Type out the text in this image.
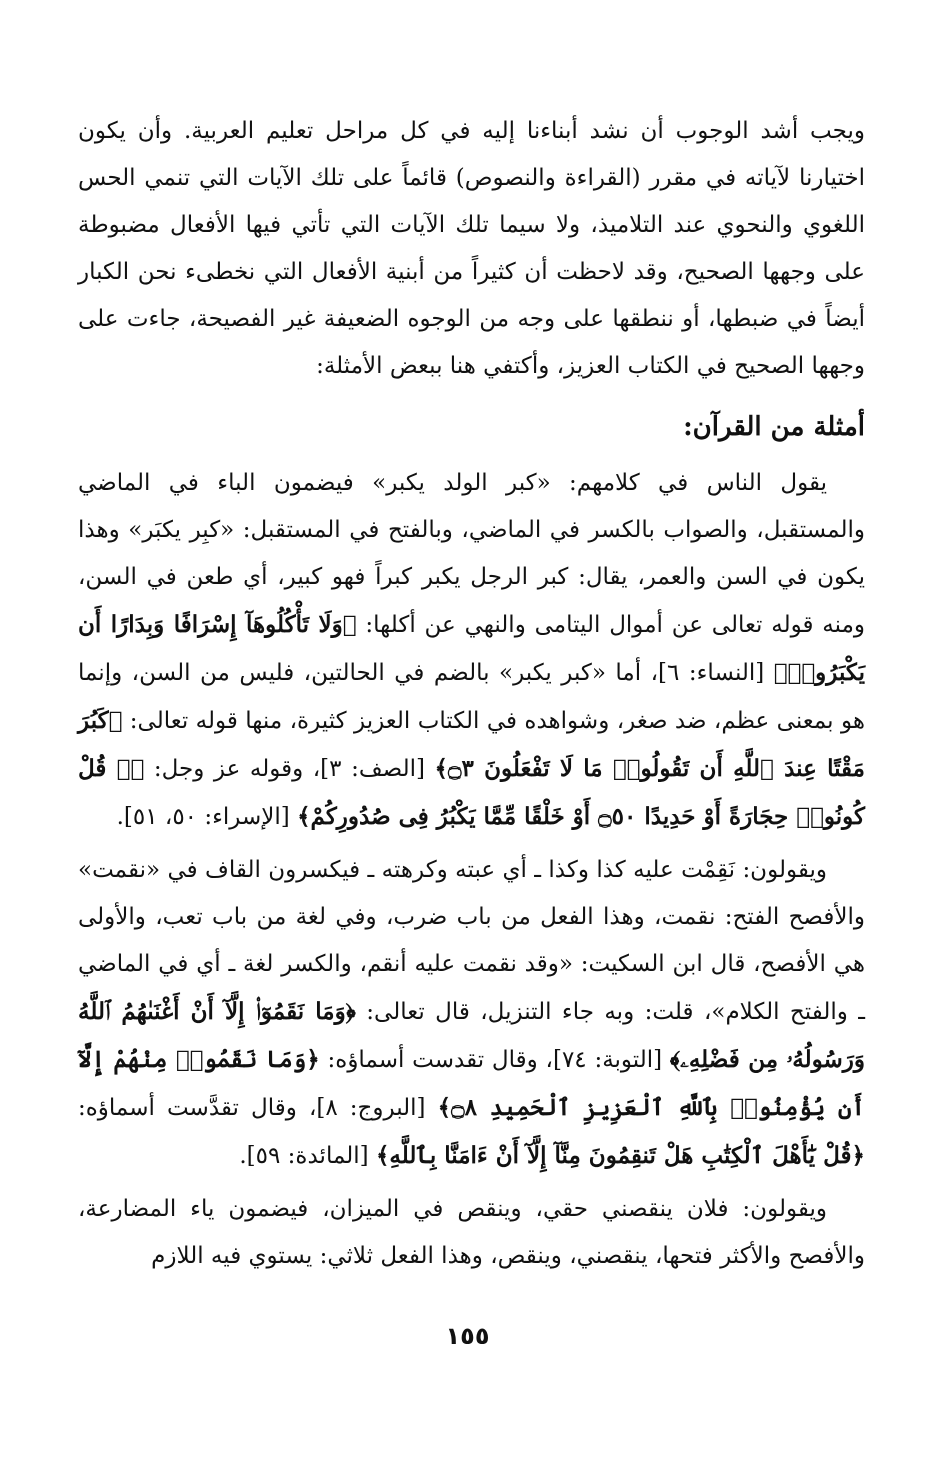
ويجب أشد الوجوب أن نشد أبناءنا إليه في كل مراحل تعليم العربية. وأن يكون اختيارنا لآياته في مقرر (القراءة والنصوص) قائماً على تلك الآيات التي تنمي الحس اللغوي والنحوي عند التلاميذ، ولا سيما تلك الآيات التي تأتي فيها الأفعال مضبوطة على وجهها الصحيح، وقد لاحظت أن كثيراً من أبنية الأفعال التي نخطىء نحن الكبار أيضاً في ضبطها، أو ننطقها على وجه من الوجوه الضعيفة غير الفصيحة، جاءت على وجهها الصحيح في الكتاب العزيز، وأكتفي هنا ببعض الأمثلة:

أمثلة من القرآن:

يقول الناس في كلامهم: «كبر الولد يكبر» فيضمون الباء في الماضي والمستقبل، والصواب بالكسر في الماضي، وبالفتح في المستقبل: «كبِر يكبَر» وهذا يكون في السن والعمر، يقال: كبر الرجل يكبر كبراً فهو كبير، أي طعن في السن، ومنه قوله تعالى عن أموال اليتامى والنهي عن أكلها: ﴿وَلَا تَأْكُلُوهَآ إِسْرَافًا وَبِدَارًا أَن يَكْبَرُوا۟﴾ [النساء: ٦]، أما «كبر يكبر» بالضم في الحالتين، فليس من السن، وإنما هو بمعنى عظم، ضد صغر، وشواهده في الكتاب العزيز كثيرة، منها قوله تعالى: ﴿كَبُرَ مَقْتًا عِندَ ٱللَّهِ أَن تَقُولُوا۟ مَا لَا تَفْعَلُونَ ۝٣﴾ [الصف: ٣]، وقوله عز وجل: ﴿۞ قُلْ كُونُوا۟ حِجَارَةً أَوْ حَدِيدًا ۝٥٠ أَوْ خَلْقًا مِّمَّا يَكْبُرُ فِى صُدُورِكُمْ﴾ [الإسراء: ٥٠، ٥١].

ويقولون: نَقِمْت عليه كذا وكذا ـ أي عبته وكرهته ـ فيكسرون القاف في «نقمت» والأفصح الفتح: نقمت، وهذا الفعل من باب ضرب، وفي لغة من باب تعب، والأولى هي الأفصح، قال ابن السكيت: «وقد نقمت عليه أنقم، والكسر لغة ـ أي في الماضي ـ والفتح الكلام»، قلت: وبه جاء التنزيل، قال تعالى: ﴿وَمَا نَقَمُوٓا۟ إِلَّآ أَنْ أَغْنَىٰهُمُ ٱللَّهُ وَرَسُولُهُۥ مِن فَضْلِهِۦ﴾ [التوبة: ٧٤]، وقال تقدست أسماؤه: ﴿وَمَا نَقَمُوا۟ مِنْهُمْ إِلَّآ أَن يُؤْمِنُوا۟ بِٱللَّهِ ٱلْعَزِيزِ ٱلْحَمِيدِ ۝٨﴾ [البروج: ٨]، وقال تقدَّست أسماؤه: ﴿قُلْ يَٰٓأَهْلَ ٱلْكِتَٰبِ هَلْ تَنقِمُونَ مِنَّآ إِلَّآ أَنْ ءَامَنَّا بِٱللَّهِ﴾ [المائدة: ٥٩].

ويقولون: فلان ينقصني حقي، وينقص في الميزان، فيضمون ياء المضارعة، والأفصح والأكثر فتحها، ينقصني، وينقص، وهذا الفعل ثلاثي: يستوي فيه اللازم

١٥٥
